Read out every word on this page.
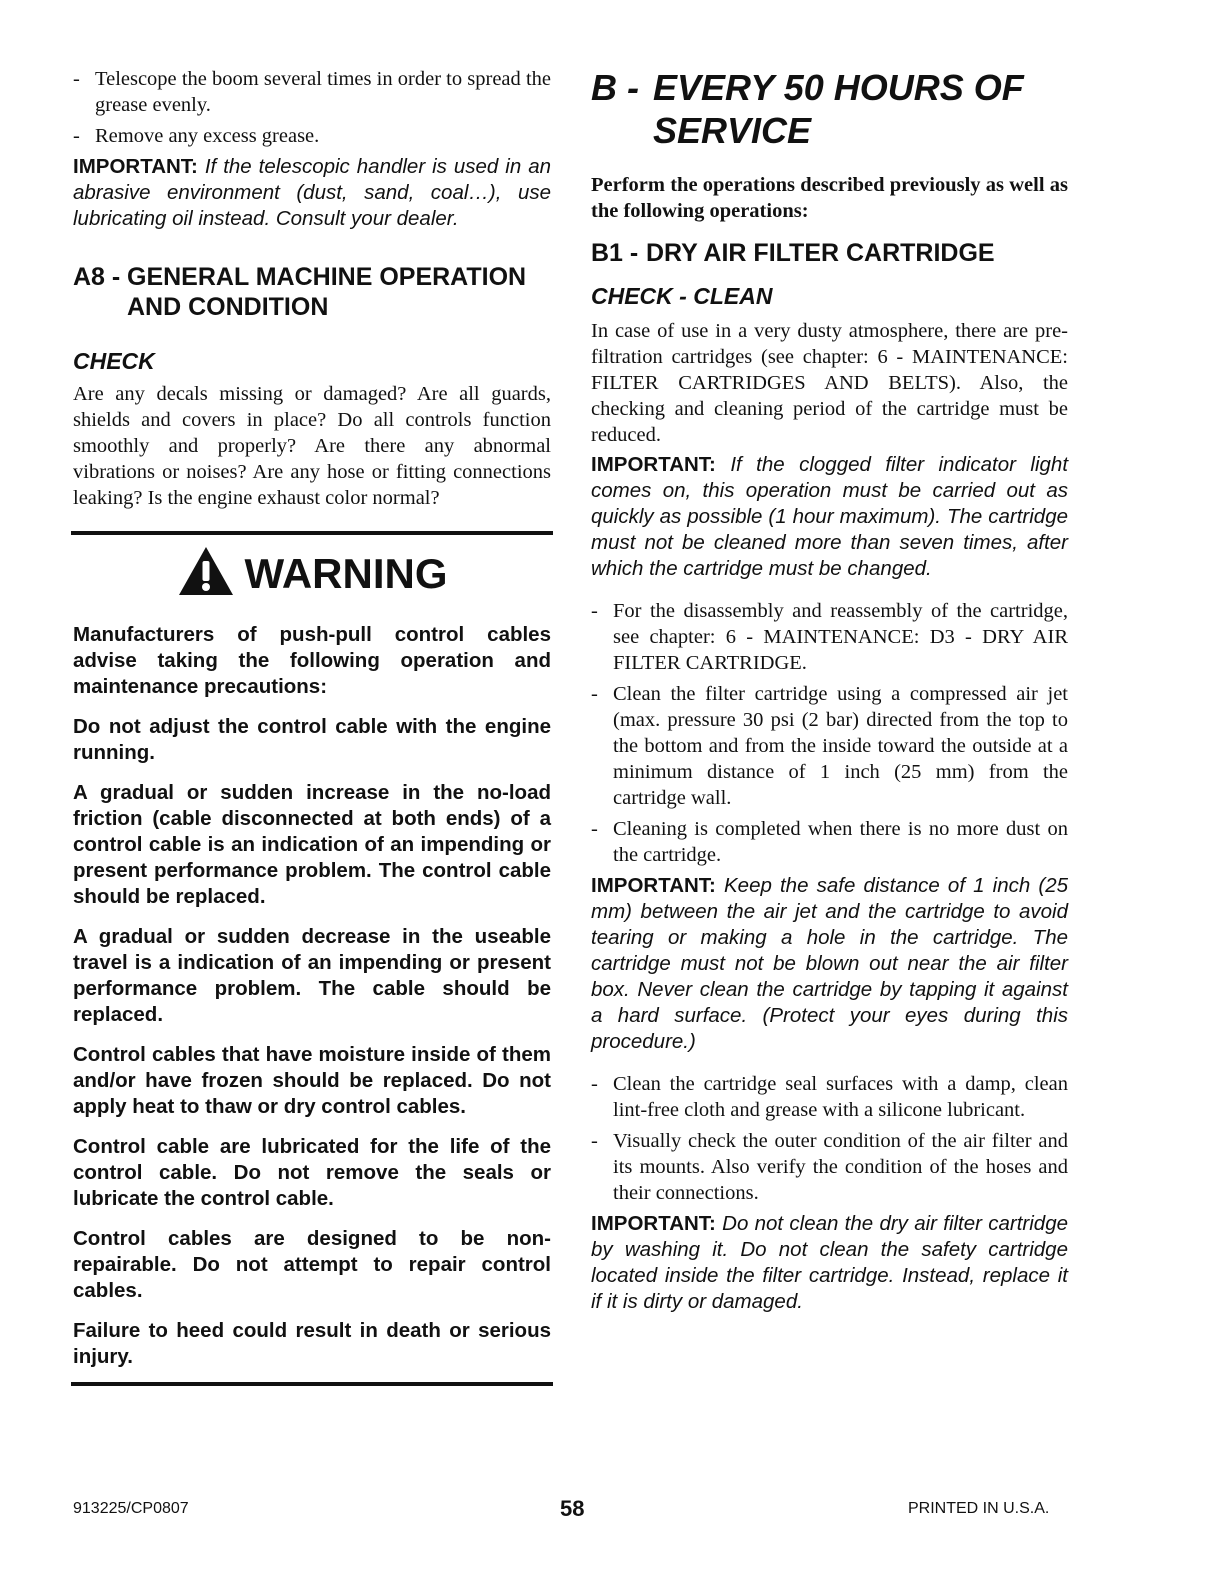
- Telescope the boom several times in order to spread the grease evenly.
- Remove any excess grease.

IMPORTANT: If the telescopic handler is used in an abrasive environment (dust, sand, coal…), use lubricating oil instead. Consult your dealer.

A8 - GENERAL MACHINE OPERATION AND CONDITION
CHECK

Are any decals missing or damaged? Are all guards, shields and covers in place? Do all controls function smoothly and properly? Are there any abnormal vibrations or noises? Are any hose or fitting connections leaking? Is the engine exhaust color normal?

WARNING

Manufacturers of push-pull control cables advise taking the following operation and maintenance precautions:

Do not adjust the control cable with the engine running.

A gradual or sudden increase in the no-load friction (cable disconnected at both ends) of a control cable is an indication of an impending or present performance problem. The control cable should be replaced.

A gradual or sudden decrease in the useable travel is a indication of an impending or present performance problem. The cable should be replaced.

Control cables that have moisture inside of them and/or have frozen should be replaced. Do not apply heat to thaw or dry control cables.

Control cable are lubricated for the life of the control cable. Do not remove the seals or lubricate the control cable.

Control cables are designed to be non-repairable. Do not attempt to repair control cables.

Failure to heed could result in death or serious injury.

B - EVERY 50 HOURS OF SERVICE

Perform the operations described previously as well as the following operations:

B1 - DRY AIR FILTER CARTRIDGE
CHECK - CLEAN

In case of use in a very dusty atmosphere, there are pre-filtration cartridges (see chapter: 6 - MAINTENANCE: FILTER CARTRIDGES AND BELTS). Also, the checking and cleaning period of the cartridge must be reduced.

IMPORTANT: If the clogged filter indicator light comes on, this operation must be carried out as quickly as possible (1 hour maximum). The cartridge must not be cleaned more than seven times, after which the cartridge must be changed.

- For the disassembly and reassembly of the cartridge, see chapter: 6 - MAINTENANCE: D3 - DRY AIR FILTER CARTRIDGE.
- Clean the filter cartridge using a compressed air jet (max. pressure 30 psi (2 bar) directed from the top to the bottom and from the inside toward the outside at a minimum distance of 1 inch (25 mm) from the cartridge wall.
- Cleaning is completed when there is no more dust on the cartridge.

IMPORTANT: Keep the safe distance of 1 inch (25 mm) between the air jet and the cartridge to avoid tearing or making a hole in the cartridge. The cartridge must not be blown out near the air filter box. Never clean the cartridge by tapping it against a hard surface. (Protect your eyes during this procedure.)

- Clean the cartridge seal surfaces with a damp, clean lint-free cloth and grease with a silicone lubricant.
- Visually check the outer condition of the air filter and its mounts. Also verify the condition of the hoses and their connections.

IMPORTANT: Do not clean the dry air filter cartridge by washing it. Do not clean the safety cartridge located inside the filter cartridge. Instead, replace it if it is dirty or damaged.

913225/CP0807	58	PRINTED IN U.S.A.
